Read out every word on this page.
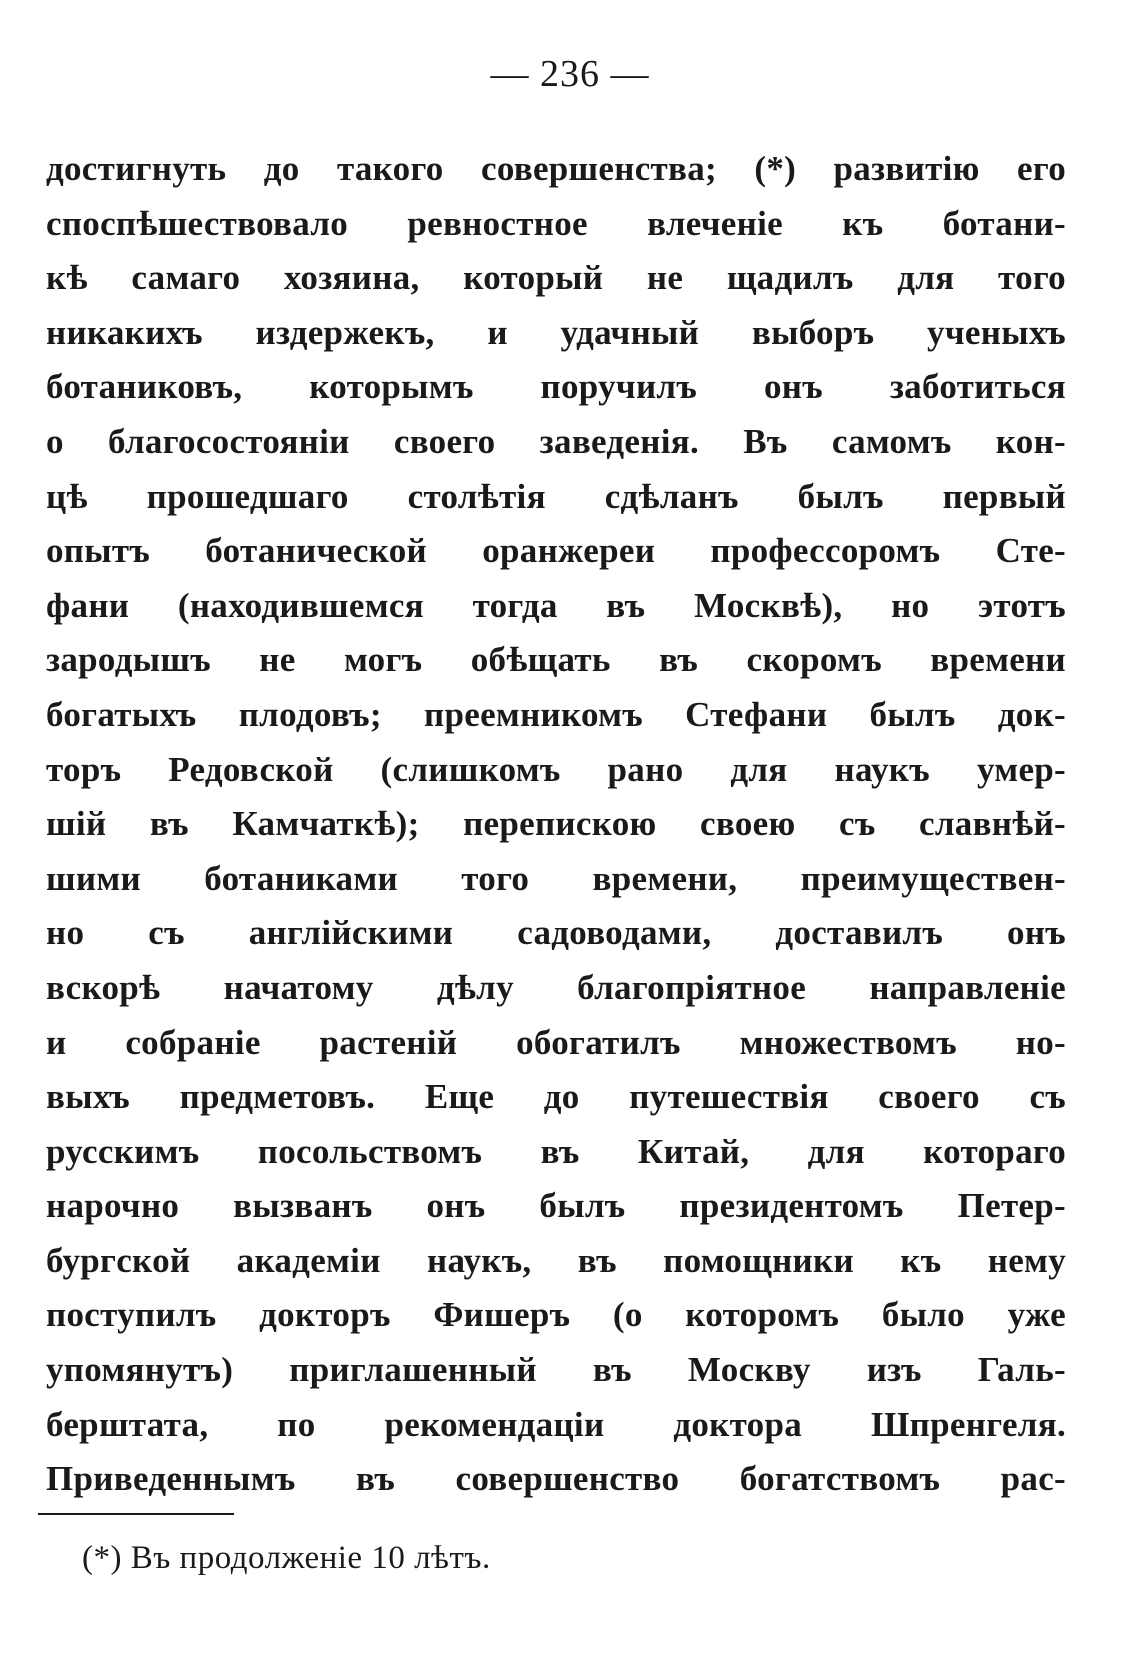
— 236 —
достигнуть до такого совершенства; (*) развитію его
споспѣшествовало ревностное влеченіе къ ботани-
кѣ самаго хозяина, который не щадилъ для того
никакихъ издержекъ, и удачный выборъ ученыхъ
ботаниковъ, которымъ поручилъ онъ заботиться
о благосостояніи своего заведенія. Въ самомъ кон-
цѣ прошедшаго столѣтія сдѣланъ былъ первый
опытъ ботанической оранжереи профессоромъ Сте-
фани (находившемся тогда въ Москвѣ), но этотъ
зародышъ не могъ обѣщать въ скоромъ времени
богатыхъ плодовъ; преемникомъ Стефани былъ док-
торъ Редовской (слишкомъ рано для наукъ умер-
шій въ Камчаткѣ); перепискою своею съ славнѣй-
шими ботаниками того времени, преимуществен-
но съ англійскими садоводами, доставилъ онъ
вскорѣ начатому дѣлу благопріятное направленіе
и собраніе растеній обогатилъ множествомъ но-
выхъ предметовъ. Еще до путешествія своего съ
русскимъ посольствомъ въ Китай, для котораго
нарочно вызванъ онъ былъ президентомъ Петер-
бургской академіи наукъ, въ помощники къ нему
поступилъ докторъ Фишеръ (о которомъ было уже
упомянутъ) приглашенный въ Москву изъ Галь-
берштата, по рекомендаціи доктора Шпренгеля.
Приведеннымъ въ совершенство богатствомъ рас-
(*) Въ продолженіе 10 лѣтъ.
